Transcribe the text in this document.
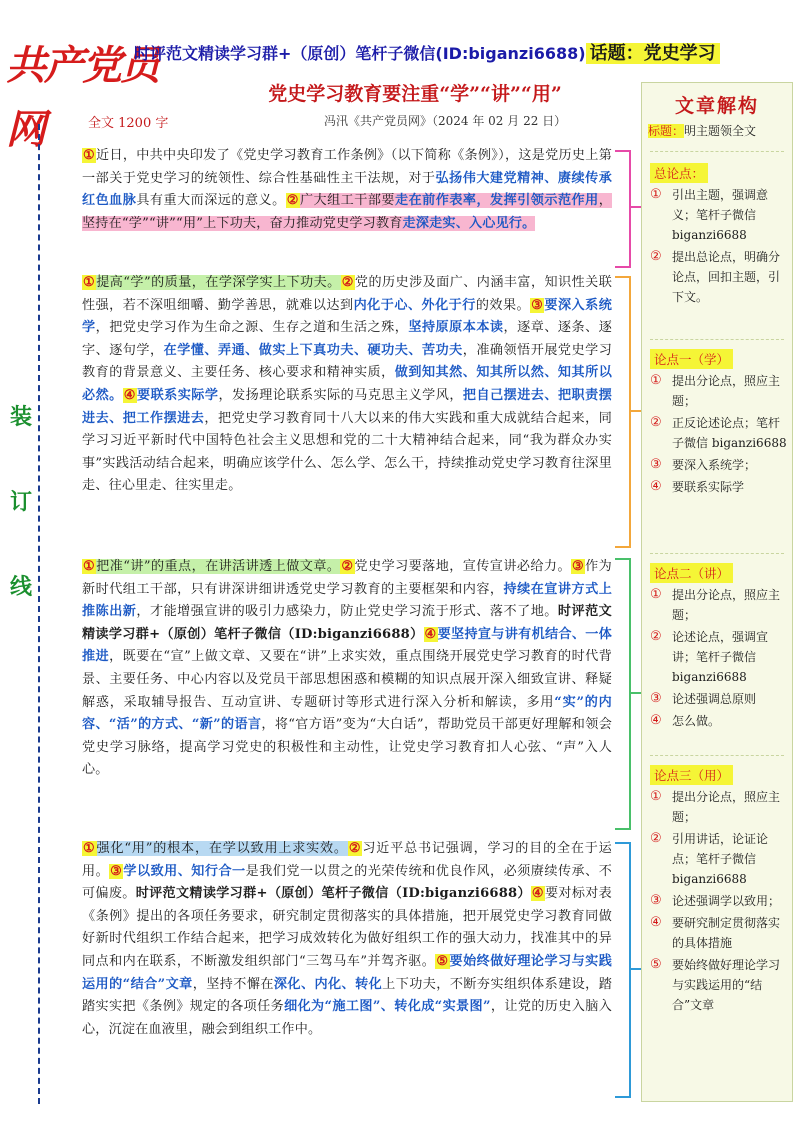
共产党员网
时评范文精读学习群+（原创）笔杆子微信(ID:biganzi6688) 话题：党史学习
党史学习教育要注重“学”“讲”“用”
全文 1200 字	冯汛《共产党员网》（2024 年 02 月 22 日）
装
订
线

①近日，中共中央印发了《党史学习教育工作条例》（以下简称《条例》），这是党历史上第一部关于党史学习的统领性、综合性基础性主干法规，对于弘扬伟大建党精神、赓续传承红色血脉具有重大而深远的意义。②广大组工干部要走在前作表率，发挥引领示范作用，坚持在“学”“讲”“用”上下功夫，奋力推动党史学习教育走深走实、入心见行。

①提高“学”的质量，在学深学实上下功夫。②党的历史涉及面广、内涵丰富，知识性关联性强，若不深咀细嚼、勤学善思，就难以达到内化于心、外化于行的效果。③要深入系统学，把党史学习作为生命之源、生存之道和生活之殊，坚持原原本本读，逐章、逐条、逐字、逐句学，在学懂、弄通、做实上下真功夫、硬功夫、苦功夫，准确领悟开展党史学习教育的背景意义、主要任务、核心要求和精神实质，做到知其然、知其所以然、知其所以必然。④要联系实际学，发扬理论联系实际的马克思主义学风，把自己摆进去、把职责摆进去、把工作摆进去，把党史学习教育同十八大以来的伟大实践和重大成就结合起来，同学习习近平新时代中国特色社会主义思想和党的二十大精神结合起来，同“我为群众办实事”实践活动结合起来，明确应该学什么、怎么学、怎么干，持续推动党史学习教育往深里走、往心里走、往实里走。

①把准“讲”的重点，在讲活讲透上做文章。②党史学习要落地，宣传宣讲必给力。③作为新时代组工干部，只有讲深讲细讲透党史学习教育的主要框架和内容，持续在宣讲方式上推陈出新，才能增强宣讲的吸引力感染力，防止党史学习流于形式、落不了地。时评范文精读学习群+（原创）笔杆子微信（ID:biganzi6688）④要坚持宣与讲有机结合、一体推进，既要在“宣”上做文章、又要在“讲”上求实效，重点围绕开展党史学习教育的时代背景、主要任务、中心内容以及党员干部思想困惑和模糊的知识点展开深入细致宣讲、释疑解惑，采取辅导报告、互动宣讲、专题研讨等形式进行深入分析和解读，多用“实”的内容、“活”的方式、“新”的语言，将“官方语”变为“大白话”，帮助党员干部更好理解和领会党史学习脉络，提高学习党史的积极性和主动性，让党史学习教育扣人心弦、“声”入人心。

①强化“用”的根本，在学以致用上求实效。②习近平总书记强调，学习的目的全在于运用。③学以致用、知行合一是我们党一以贯之的光荣传统和优良作风，必须赓续传承、不可偏废。时评范文精读学习群+（原创）笔杆子微信（ID:biganzi6688）④要对标对表《条例》提出的各项任务要求，研究制定贯彻落实的具体措施，把开展党史学习教育同做好新时代组织工作结合起来，把学习成效转化为做好组织工作的强大动力，找准其中的异同点和内在联系，不断激发组织部门“三驾马车”并驾齐驱。⑤要始终做好理论学习与实践运用的“结合”文章，坚持不懈在深化、内化、转化上下功夫，不断夯实组织体系建设，踏踏实实把《条例》规定的各项任务细化为“施工图”、转化成“实景图”，让党的历史入脑入心，沉淀在血液里，融会到组织工作中。

文章解构
标题：明主题领全文
总论点：
① 引出主题，强调意义；笔杆子微信 biganzi6688
② 提出总论点，明确分论点，回扣主题，引下文。
论点一（学）
① 提出分论点，照应主题；
② 正反论述论点；笔杆子微信 biganzi6688
③ 要深入系统学；
④ 要联系实际学
论点二（讲）
① 提出分论点，照应主题；
② 论述论点，强调宣讲；笔杆子微信 biganzi6688
③ 论述强调总原则
④ 怎么做。
论点三（用）
① 提出分论点，照应主题；
② 引用讲话，论证论点；笔杆子微信 biganzi6688
③ 论述强调学以致用；
④ 要研究制定贯彻落实的具体措施
⑤ 要始终做好理论学习与实践运用的“结合”文章
